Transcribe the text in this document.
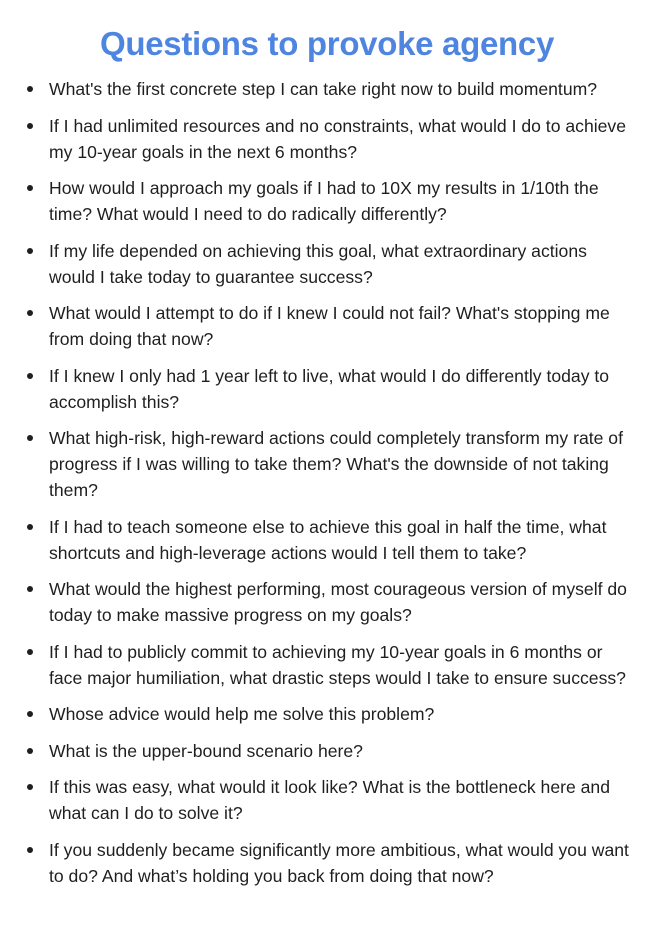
Questions to provoke agency
What's the first concrete step I can take right now to build momentum?
If I had unlimited resources and no constraints, what would I do to achieve my 10-year goals in the next 6 months?
How would I approach my goals if I had to 10X my results in 1/10th the time? What would I need to do radically differently?
If my life depended on achieving this goal, what extraordinary actions would I take today to guarantee success?
What would I attempt to do if I knew I could not fail? What's stopping me from doing that now?
If I knew I only had 1 year left to live, what would I do differently today to accomplish this?
What high-risk, high-reward actions could completely transform my rate of progress if I was willing to take them? What's the downside of not taking them?
If I had to teach someone else to achieve this goal in half the time, what shortcuts and high-leverage actions would I tell them to take?
What would the highest performing, most courageous version of myself do today to make massive progress on my goals?
If I had to publicly commit to achieving my 10-year goals in 6 months or face major humiliation, what drastic steps would I take to ensure success?
Whose advice would help me solve this problem?
What is the upper-bound scenario here?
If this was easy, what would it look like? What is the bottleneck here and what can I do to solve it?
If you suddenly became significantly more ambitious, what would you want to do? And what’s holding you back from doing that now?
